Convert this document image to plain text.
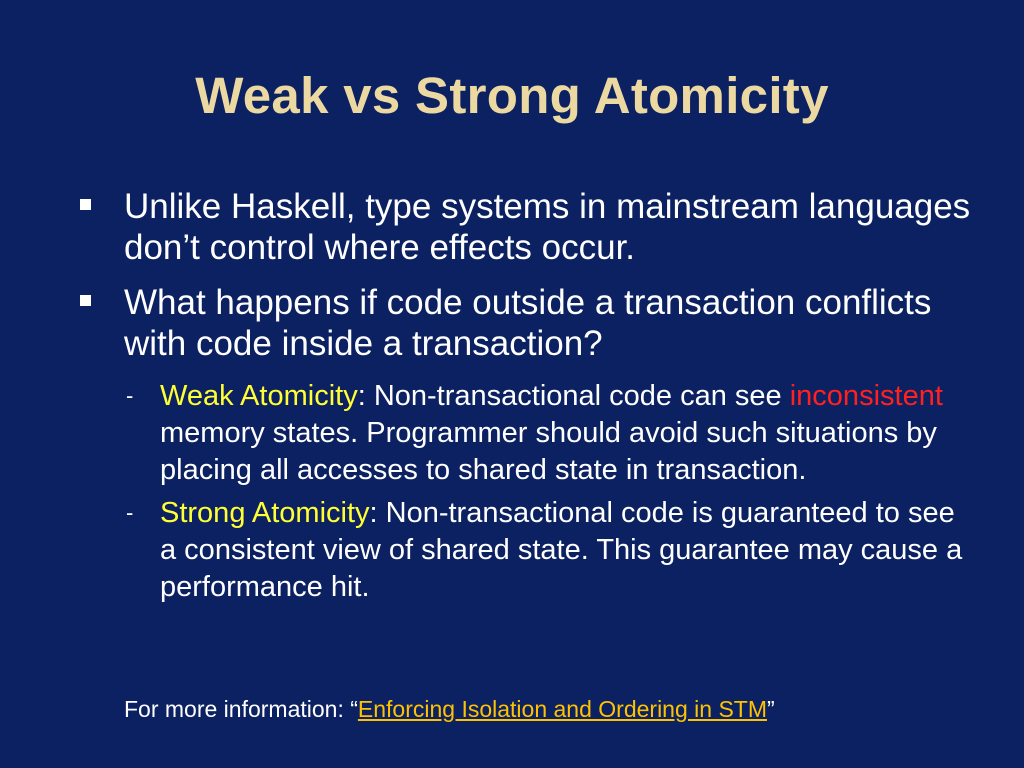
Weak vs Strong Atomicity
Unlike Haskell, type systems in mainstream languages don’t control where effects occur.
What happens if code outside a transaction conflicts with code inside a transaction?
- Weak Atomicity: Non-transactional code can see inconsistent memory states. Programmer should avoid such situations by placing all accesses to shared state in transaction.
- Strong Atomicity: Non-transactional code is guaranteed to see a consistent view of shared state. This guarantee may cause a performance hit.
For more information: “Enforcing Isolation and Ordering in STM”
